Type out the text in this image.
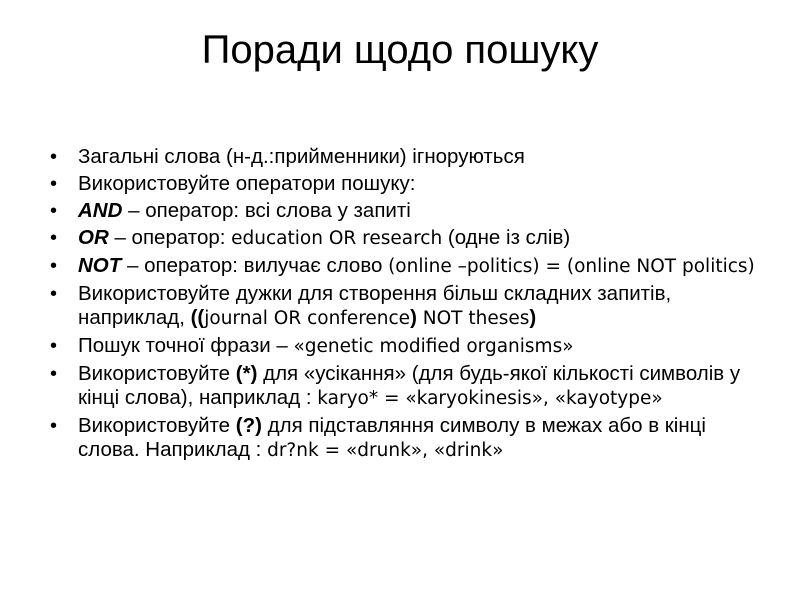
Поради щодо пошуку
•	Загальні слова (н-д.:прийменники) ігноруються
•	Використовуйте оператори пошуку:
•	AND – оператор: всі слова у запиті
•	OR – оператор: education OR research (одне із слів)
•	NOT – оператор: вилучає слово (online –politics) = (online NOT politics)
•	Використовуйте дужки для створення більш складних запитів, наприклад, ((journal OR conference) NOT theses)
•	Пошук точної фрази – «genetic modified organisms»
•	Використовуйте (*) для «усікання» (для будь-якої кількості символів у кінці слова), наприклад : karyo* = «karyokinesis», «kayotype»
•	Використовуйте (?) для підставляння символу в межах або в кінці слова. Наприклад : dr?nk = «drunk», «drink»
